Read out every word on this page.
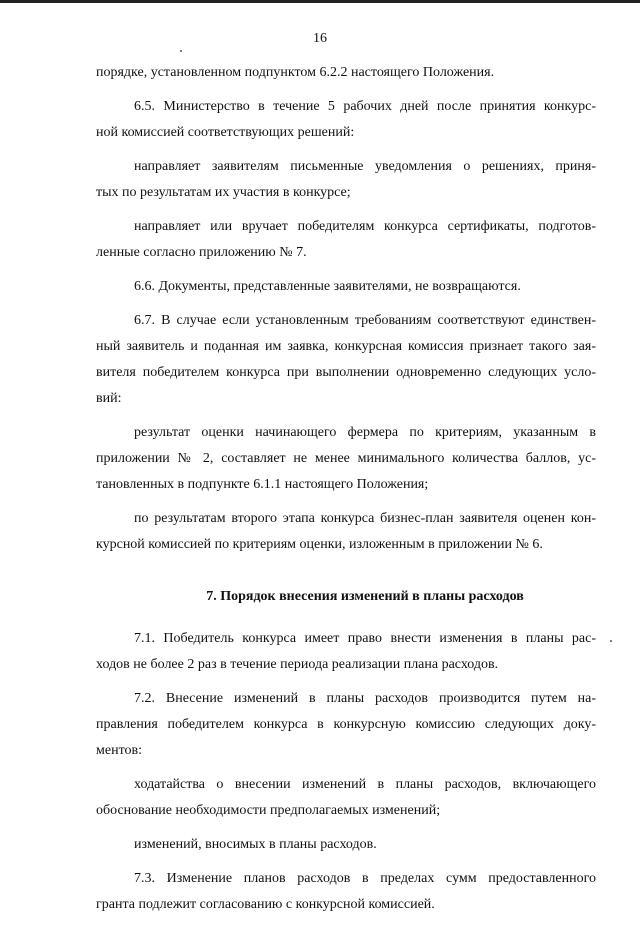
16

порядке, установленном подпунктом 6.2.2 настоящего Положения.

6.5. Министерство в течение 5 рабочих дней после принятия конкурс-
ной комиссией соответствующих решений:

направляет заявителям письменные уведомления о решениях, приня-
тых по результатам их участия в конкурсе;

направляет или вручает победителям конкурса сертификаты, подготов-
ленные согласно приложению № 7.

6.6. Документы, представленные заявителями, не возвращаются.

6.7. В случае если установленным требованиям соответствуют единствен-
ный заявитель и поданная им заявка, конкурсная комиссия признает такого зая-
вителя победителем конкурса при выполнении одновременно следующих усло-
вий:

результат оценки начинающего фермера по критериям, указанным в
приложении № 2, составляет не менее минимального количества баллов, ус-
тановленных в подпункте 6.1.1 настоящего Положения;

по результатам второго этапа конкурса бизнес-план заявителя оценен кон-
курсной комиссией по критериям оценки, изложенным в приложении № 6.

7. Порядок внесения изменений в планы расходов

7.1. Победитель конкурса имеет право внести изменения в планы рас-
ходов не более 2 раз в течение периода реализации плана расходов.

7.2. Внесение изменений в планы расходов производится путем на-
правления победителем конкурса в конкурсную комиссию следующих доку-
ментов:

ходатайства о внесении изменений в планы расходов, включающего
обоснование необходимости предполагаемых изменений;

изменений, вносимых в планы расходов.

7.3. Изменение планов расходов в пределах сумм предоставленного
гранта подлежит согласованию с конкурсной комиссией.
